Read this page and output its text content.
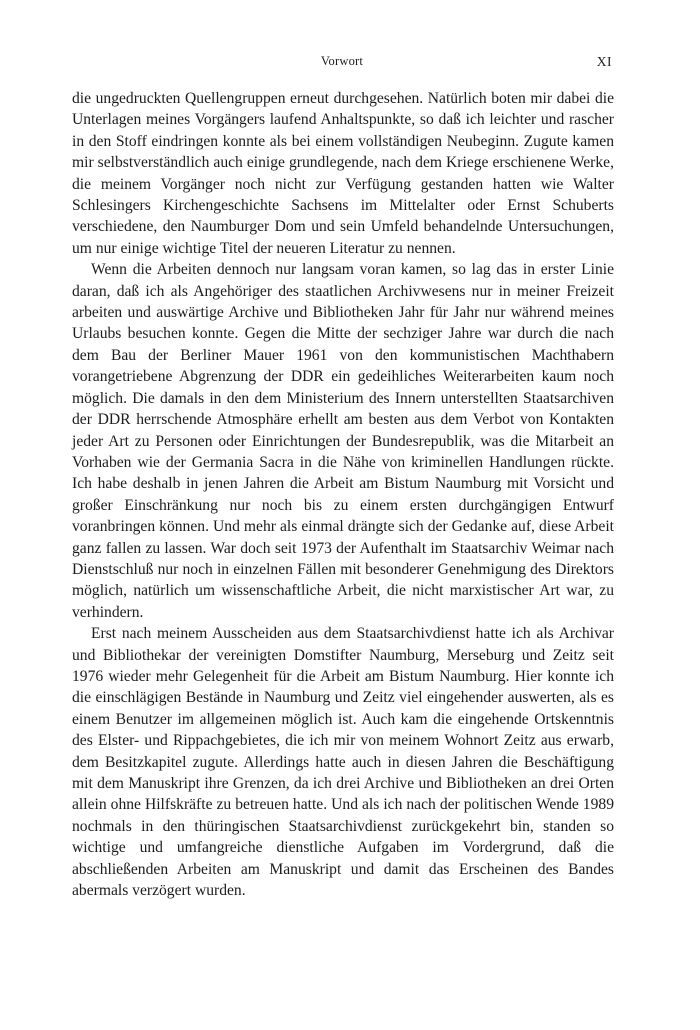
Vorwort	XI

die ungedruckten Quellengruppen erneut durchgesehen. Natürlich boten mir dabei die Unterlagen meines Vorgängers laufend Anhaltspunkte, so daß ich leichter und rascher in den Stoff eindringen konnte als bei einem vollständigen Neubeginn. Zugute kamen mir selbstverständlich auch einige grundlegende, nach dem Kriege erschienene Werke, die meinem Vorgänger noch nicht zur Verfügung gestanden hatten wie Walter Schlesingers Kirchengeschichte Sachsens im Mittelalter oder Ernst Schuberts verschiedene, den Naumburger Dom und sein Umfeld behandelnde Untersuchungen, um nur einige wichtige Titel der neueren Literatur zu nennen.

Wenn die Arbeiten dennoch nur langsam voran kamen, so lag das in erster Linie daran, daß ich als Angehöriger des staatlichen Archivwesens nur in meiner Freizeit arbeiten und auswärtige Archive und Bibliotheken Jahr für Jahr nur während meines Urlaubs besuchen konnte. Gegen die Mitte der sechziger Jahre war durch die nach dem Bau der Berliner Mauer 1961 von den kommunistischen Machthabern vorangetriebene Abgrenzung der DDR ein gedeihliches Weiterarbeiten kaum noch möglich. Die damals in den dem Ministerium des Innern unterstellten Staatsarchiven der DDR herrschende Atmosphäre erhellt am besten aus dem Verbot von Kontakten jeder Art zu Personen oder Einrichtungen der Bundesrepublik, was die Mitarbeit an Vorhaben wie der Germania Sacra in die Nähe von kriminellen Handlungen rückte. Ich habe deshalb in jenen Jahren die Arbeit am Bistum Naumburg mit Vorsicht und großer Einschränkung nur noch bis zu einem ersten durchgängigen Entwurf voranbringen können. Und mehr als einmal drängte sich der Gedanke auf, diese Arbeit ganz fallen zu lassen. War doch seit 1973 der Aufenthalt im Staatsarchiv Weimar nach Dienstschluß nur noch in einzelnen Fällen mit besonderer Genehmigung des Direktors möglich, natürlich um wissenschaftliche Arbeit, die nicht marxistischer Art war, zu verhindern.

Erst nach meinem Ausscheiden aus dem Staatsarchivdienst hatte ich als Archivar und Bibliothekar der vereinigten Domstifter Naumburg, Merseburg und Zeitz seit 1976 wieder mehr Gelegenheit für die Arbeit am Bistum Naumburg. Hier konnte ich die einschlägigen Bestände in Naumburg und Zeitz viel eingehender auswerten, als es einem Benutzer im allgemeinen möglich ist. Auch kam die eingehende Ortskenntnis des Elster- und Rippachgebietes, die ich mir von meinem Wohnort Zeitz aus erwarb, dem Besitzkapitel zugute. Allerdings hatte auch in diesen Jahren die Beschäftigung mit dem Manuskript ihre Grenzen, da ich drei Archive und Bibliotheken an drei Orten allein ohne Hilfskräfte zu betreuen hatte. Und als ich nach der politischen Wende 1989 nochmals in den thüringischen Staatsarchivdienst zurückgekehrt bin, standen so wichtige und umfangreiche dienstliche Aufgaben im Vordergrund, daß die abschließenden Arbeiten am Manuskript und damit das Erscheinen des Bandes abermals verzögert wurden.
